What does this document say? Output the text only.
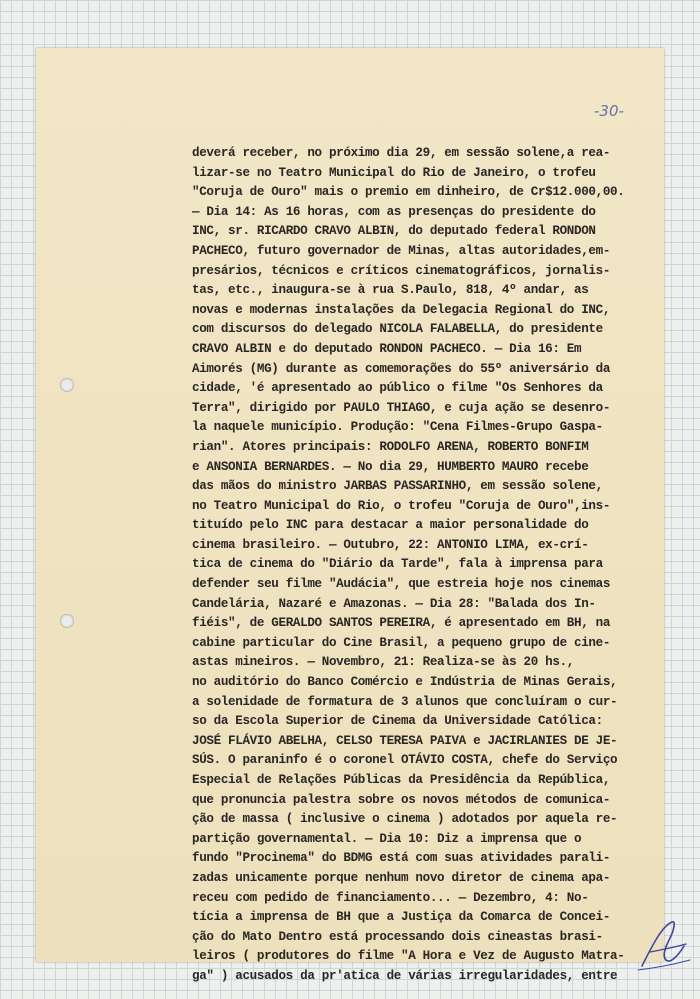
-30-
deverá receber, no próximo dia 29, em sessão solene,a rea-
lizar-se no Teatro Municipal do Rio de Janeiro, o trofeu
"Coruja de Ouro" mais o premio em dinheiro, de Cr$12.000,00.
— Dia 14: As 16 horas, com as presenças do presidente do
INC, sr. RICARDO CRAVO ALBIN, do deputado federal RONDON
PACHECO, futuro governador de Minas, altas autoridades,em-
presários, técnicos e críticos cinematográficos, jornalis-
tas, etc., inaugura-se à rua S.Paulo, 818, 4º andar, as
novas e modernas instalações da Delegacia Regional do INC,
com discursos do delegado NICOLA FALABELLA, do presidente
CRAVO ALBIN e do deputado RONDON PACHECO. — Dia 16: Em
Aimorés (MG) durante as comemorações do 55º aniversário da
cidade, 'é apresentado ao público o filme "Os Senhores da
Terra", dirigido por PAULO THIAGO, e cuja ação se desenro-
la naquele município. Produção: "Cena Filmes-Grupo Gaspa-
rian". Atores principais: RODOLFO ARENA, ROBERTO BONFIM
e ANSONIA BERNARDES. — No dia 29, HUMBERTO MAURO recebe
das mãos do ministro JARBAS PASSARINHO, em sessão solene,
no Teatro Municipal do Rio, o trofeu "Coruja de Ouro",ins-
tituído pelo INC para destacar a maior personalidade do
cinema brasileiro. — Outubro, 22: ANTONIO LIMA, ex-crí-
tica de cinema do "Diário da Tarde", fala à imprensa para
defender seu filme "Audácia", que estreia hoje nos cinemas
Candelária, Nazaré e Amazonas. — Dia 28: "Balada dos In-
fiéis", de GERALDO SANTOS PEREIRA, é apresentado em BH, na
cabine particular do Cine Brasil, a pequeno grupo de cine-
astas mineiros. — Novembro, 21: Realiza-se às 20 hs.,
no auditório do Banco Comércio e Indústria de Minas Gerais,
a solenidade de formatura de 3 alunos que concluíram o cur-
so da Escola Superior de Cinema da Universidade Católica:
JOSÉ FLÁVIO ABELHA, CELSO TERESA PAIVA e JACIRLANIES DE JE-
SÚS. O paraninfo é o coronel OTÁVIO COSTA, chefe do Serviço
Especial de Relações Públicas da Presidência da República,
que pronuncia palestra sobre os novos métodos de comunica-
ção de massa ( inclusive o cinema ) adotados por aquela re-
partição governamental. — Dia 10: Diz a imprensa que o
fundo "Procinema" do BDMG está com suas atividades parali-
zadas unicamente porque nenhum novo diretor de cinema apa-
receu com pedido de financiamento... — Dezembro, 4: No-
tícia a imprensa de BH que a Justiça da Comarca de Concei-
ção do Mato Dentro está processando dois cineastas brasi-
leiros ( produtores do filme "A Hora e Vez de Augusto Matra-
ga" ) acusados da pr'atica de várias irregularidades, entre
